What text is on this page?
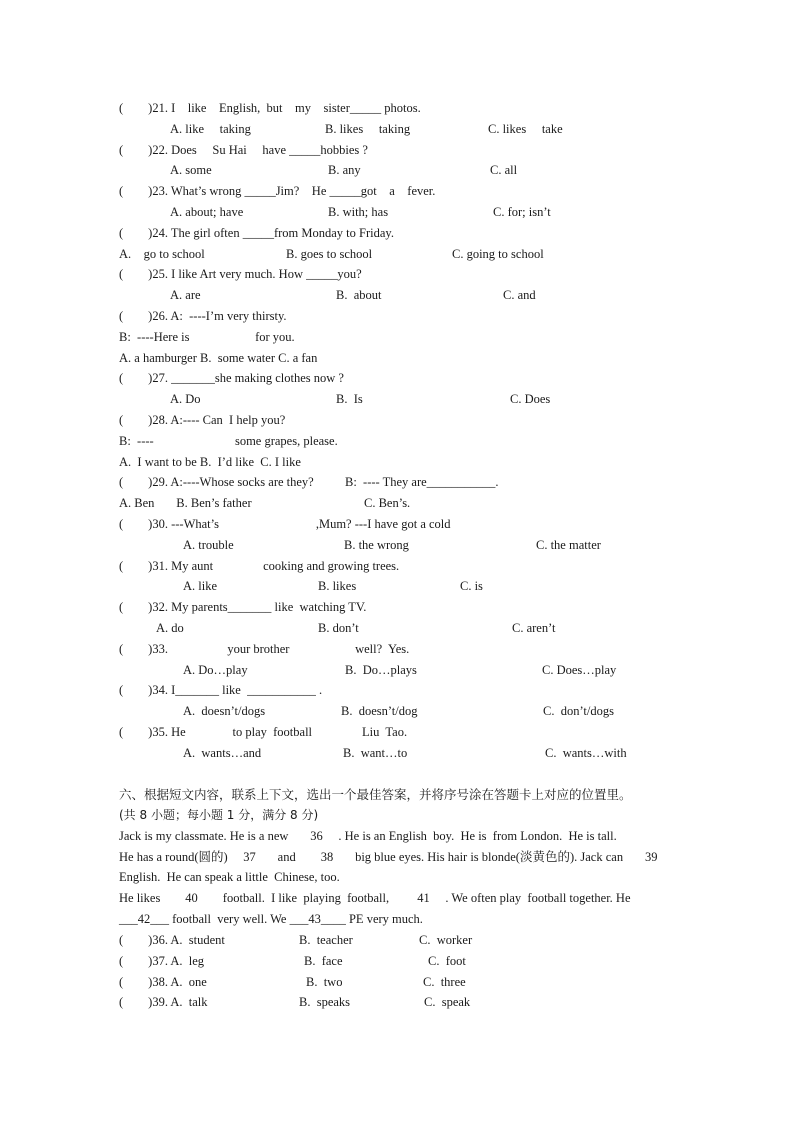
(        )21. I    like    English,  but    my    sister_____ photos.
A. like     taking	B. likes     taking	C. likes     take
(        )22. Does     Su Hai     have _____hobbies ?
A. some	B. any	C. all
(        )23. What’s wrong _____Jim?    He _____got    a    fever.
A. about; have	B. with; has	C. for; isn’t
(        )24. The girl often _____from Monday to Friday.
A.    go to school	B. goes to school	C. going to school
(        )25. I like Art very much. How _____you?
A. are	B.  about	C. and
(        )26. A:  ----I’m very thirsty.
B:  ----Here is                     for you.
A. a hamburger B.  some water C. a fan
(        )27. _______she making clothes now ?
A. Do	B.  Is	C. Does
(        )28. A:---- Can  I help you?
B:  ----                          some grapes, please.
A.  I want to be B.  I’d like  C. I like
(        )29. A:----Whose socks are they?          B:  ---- They are___________.
A. Ben       B. Ben’s father	C. Ben’s.
(        )30. ---What’s                               ,Mum? ---I have got a cold
A. trouble	B. the wrong	C. the matter
(        )31. My aunt                cooking and growing trees.
A. like	B. likes	C. is
(        )32. My parents_______ like  watching TV.
A. do	B. don’t	C. aren’t
(        )33.                   your brother                     well?  Yes.
A. Do…play	B.  Do…plays	C. Does…play
(        )34. I_______ like  ___________ .
A.  doesn’t/dogs	B.  doesn’t/dog	C.  don’t/dogs
(        )35. He               to play  football                Liu  Tao.
A.  wants…and	B.  want…to	C.  wants…with
六、根据短文内容，联系上下文，选出一个最佳答案，并将序号涂在答题卡上对应的位置里。
(共 8 小题；每小题 1 分，满分 8 分)
Jack is my classmate. He is a new       36     . He is an English  boy.  He is  from London.  He is tall.
He has a round(圆的)     37       and        38       big blue eyes. His hair is blonde(淡黄色的). Jack can       39
English.  He can speak a little  Chinese, too.
He likes        40        football.  I like  playing  football,         41     . We often play  football together. He
___42___ football  very well. We ___43____ PE very much.
(        )36. A.  student	B.  teacher	C.  worker
(        )37. A.  leg	B.  face	C.  foot
(        )38. A.  one	B.  two	C.  three
(        )39. A.  talk	B.  speaks	C.  speak
